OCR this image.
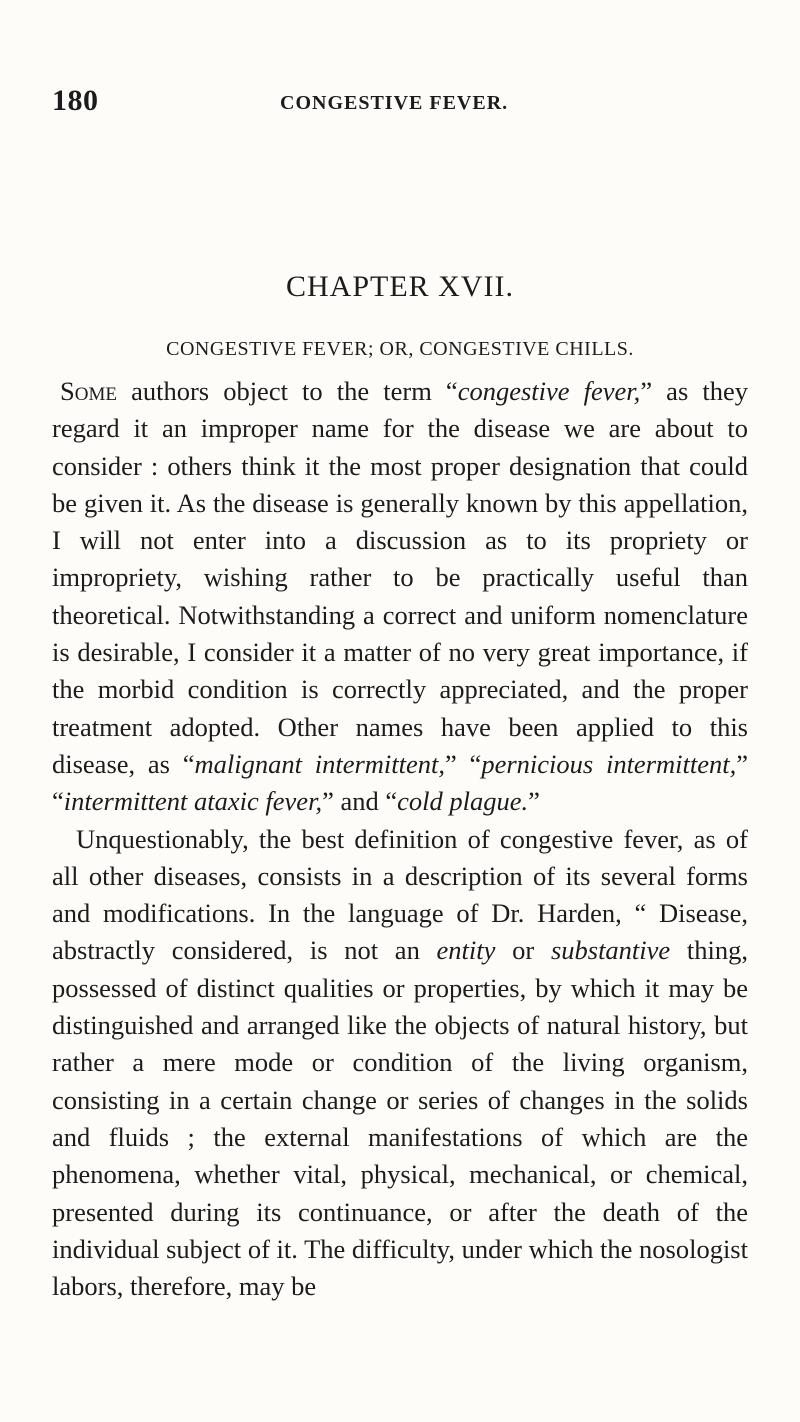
180	CONGESTIVE FEVER.
CHAPTER XVII.
CONGESTIVE FEVER; OR, CONGESTIVE CHILLS.

Some authors object to the term “congestive fever,” as they regard it an improper name for the disease we are about to consider : others think it the most proper designation that could be given it. As the disease is generally known by this appellation, I will not enter into a discussion as to its propriety or impropriety, wishing rather to be practically useful than theoretical. Notwithstanding a correct and uniform nomenclature is desirable, I consider it a matter of no very great importance, if the morbid condition is correctly appreciated, and the proper treatment adopted. Other names have been applied to this disease, as “malignant intermittent,” “pernicious intermittent,” “intermittent ataxic fever,” and “cold plague.”

Unquestionably, the best definition of congestive fever, as of all other diseases, consists in a description of its several forms and modifications. In the language of Dr. Harden, “ Disease, abstractly considered, is not an entity or substantive thing, possessed of distinct qualities or properties, by which it may be distinguished and arranged like the objects of natural history, but rather a mere mode or condition of the living organism, consisting in a certain change or series of changes in the solids and fluids ; the external manifestations of which are the phenomena, whether vital, physical, mechanical, or chemical, presented during its continuance, or after the death of the individual subject of it. The difficulty, under which the nosologist labors, therefore, may be
